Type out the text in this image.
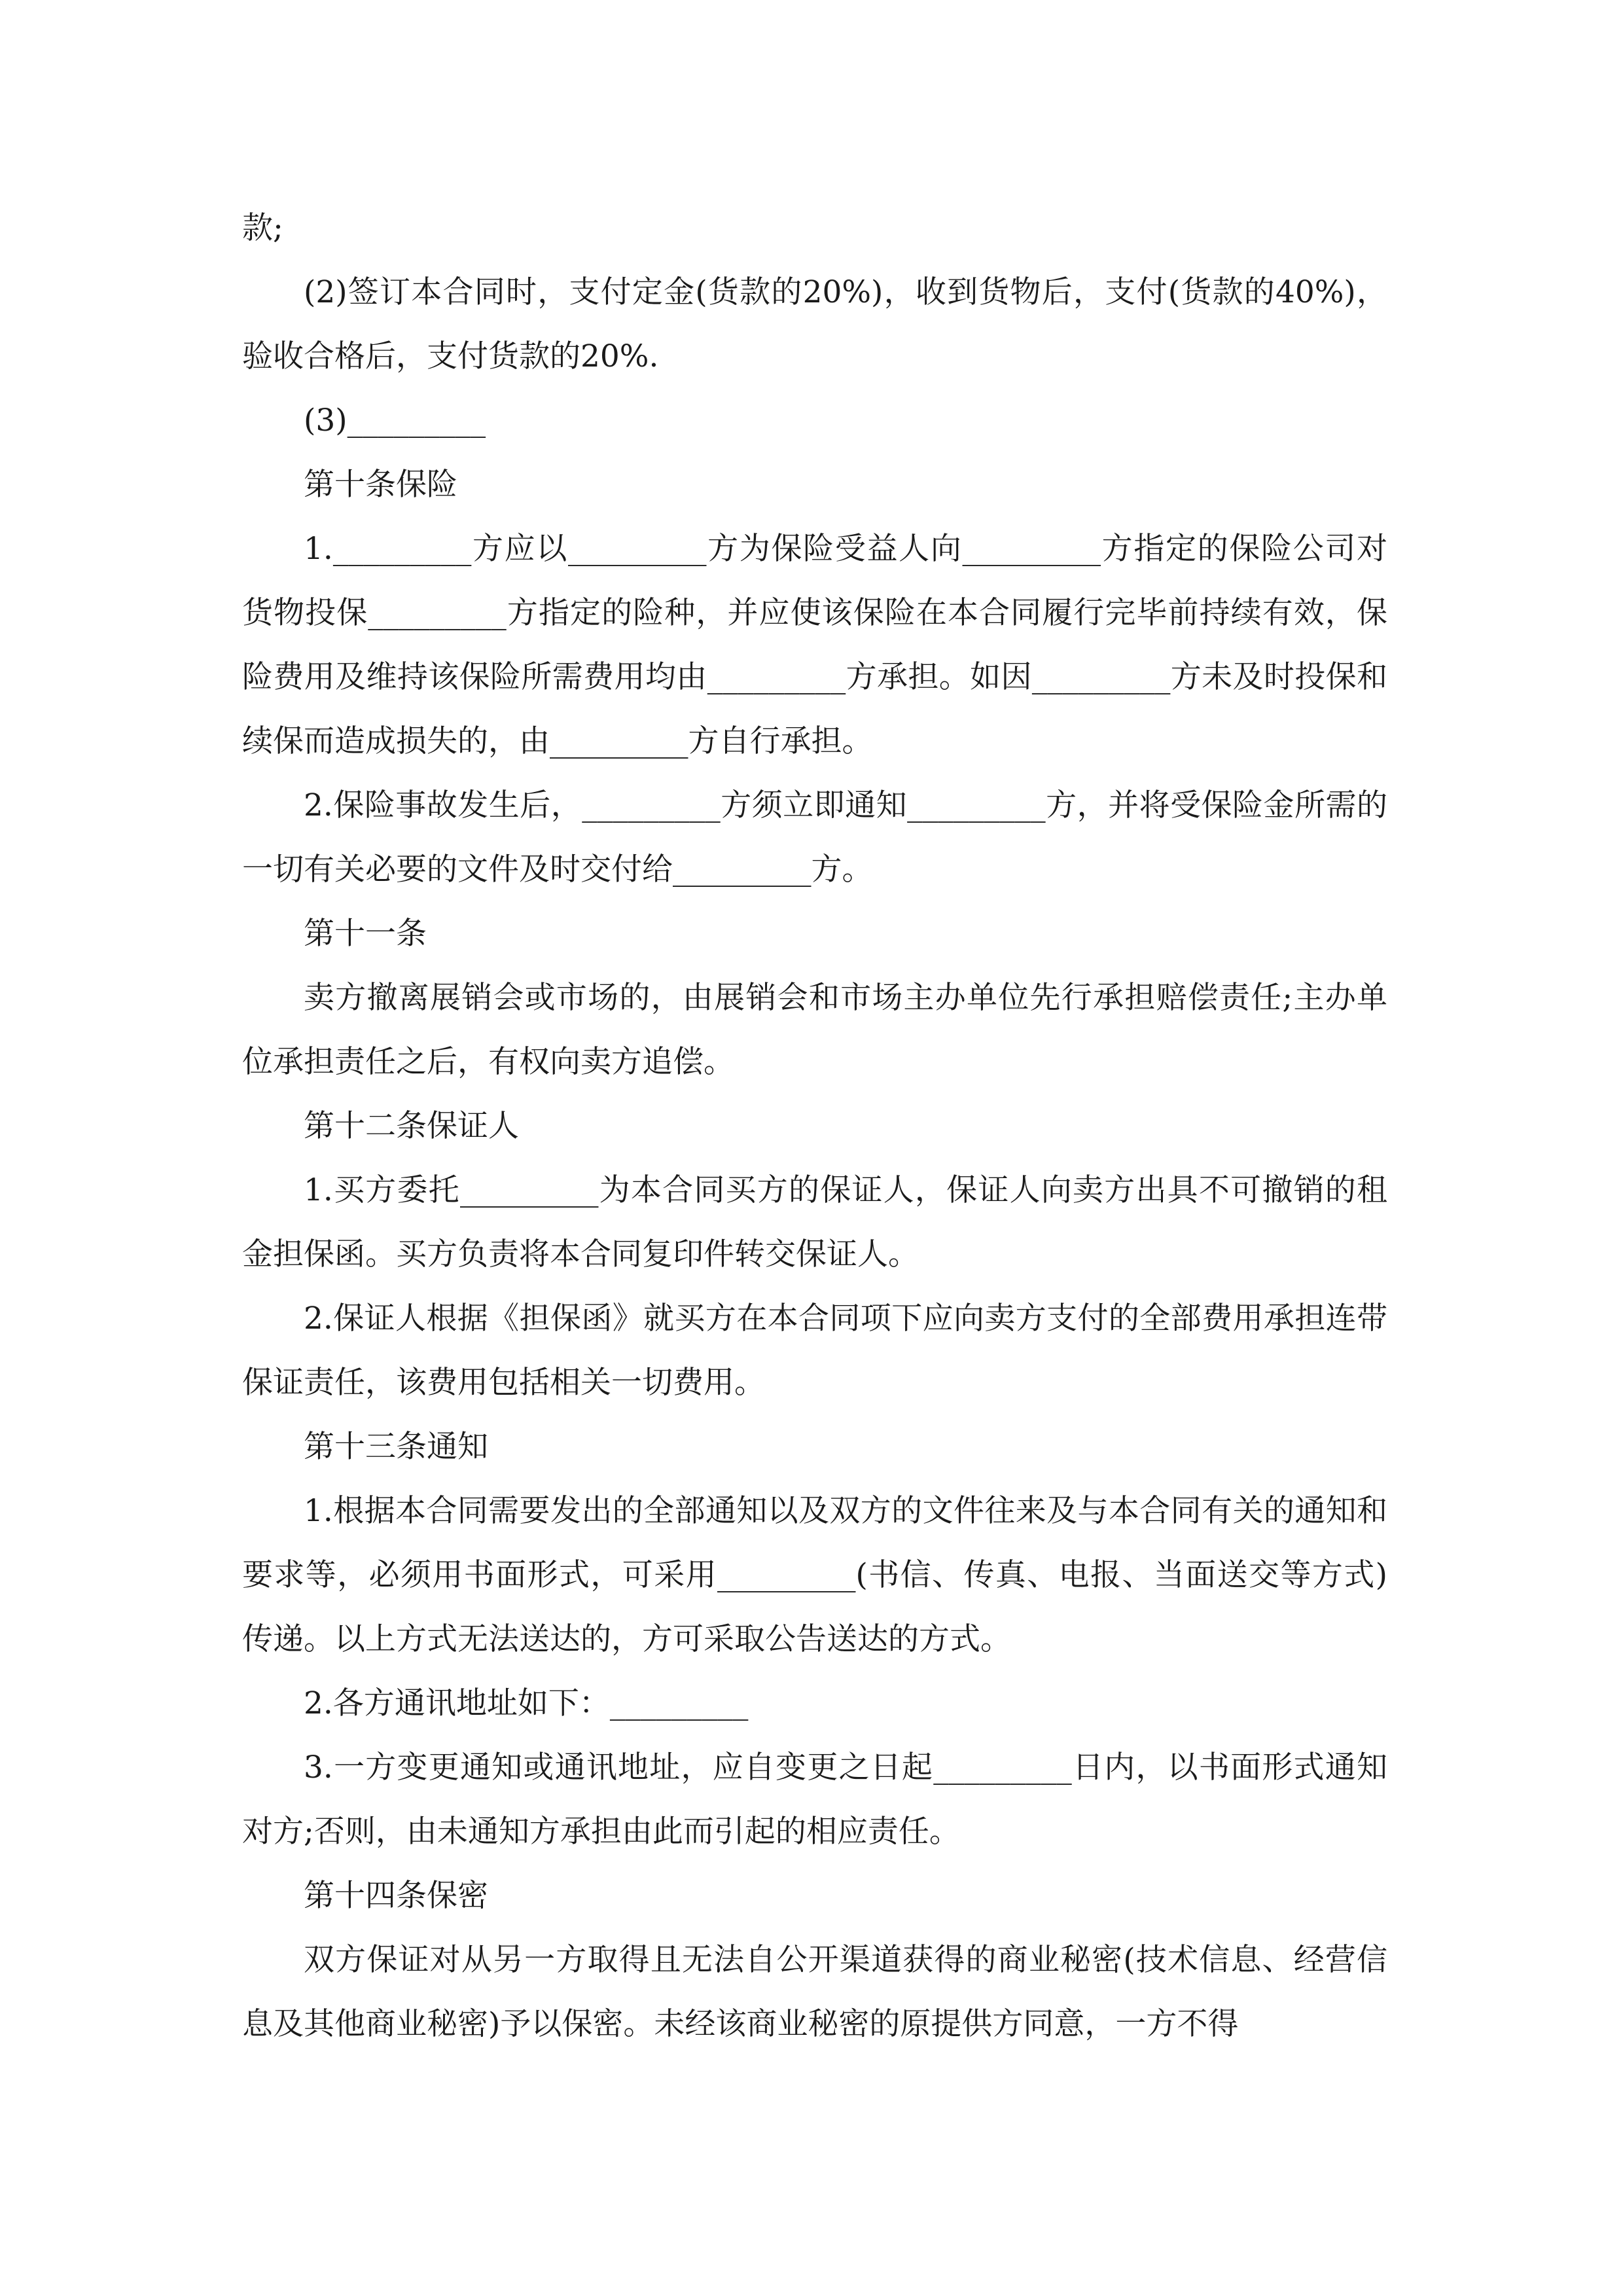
款;

(2)签订本合同时，支付定金(货款的20%)，收到货物后，支付(货款的40%)，验收合格后，支付货款的20%.

(3)_________

第十条保险

1._________方应以_________方为保险受益人向_________方指定的保险公司对货物投保_________方指定的险种，并应使该保险在本合同履行完毕前持续有效，保险费用及维持该保险所需费用均由_________方承担。如因_________方未及时投保和续保而造成损失的，由_________方自行承担。

2.保险事故发生后，_________方须立即通知_________方，并将受保险金所需的一切有关必要的文件及时交付给_________方。

第十一条

卖方撤离展销会或市场的，由展销会和市场主办单位先行承担赔偿责任;主办单位承担责任之后，有权向卖方追偿。

第十二条保证人

1.买方委托_________为本合同买方的保证人，保证人向卖方出具不可撤销的租金担保函。买方负责将本合同复印件转交保证人。

2.保证人根据《担保函》就买方在本合同项下应向卖方支付的全部费用承担连带保证责任，该费用包括相关一切费用。

第十三条通知

1.根据本合同需要发出的全部通知以及双方的文件往来及与本合同有关的通知和要求等，必须用书面形式，可采用_________(书信、传真、电报、当面送交等方式)传递。以上方式无法送达的，方可采取公告送达的方式。

2.各方通讯地址如下：_________

3.一方变更通知或通讯地址，应自变更之日起_________日内，以书面形式通知对方;否则，由未通知方承担由此而引起的相应责任。

第十四条保密

双方保证对从另一方取得且无法自公开渠道获得的商业秘密(技术信息、经营信息及其他商业秘密)予以保密。未经该商业秘密的原提供方同意，一方不得
